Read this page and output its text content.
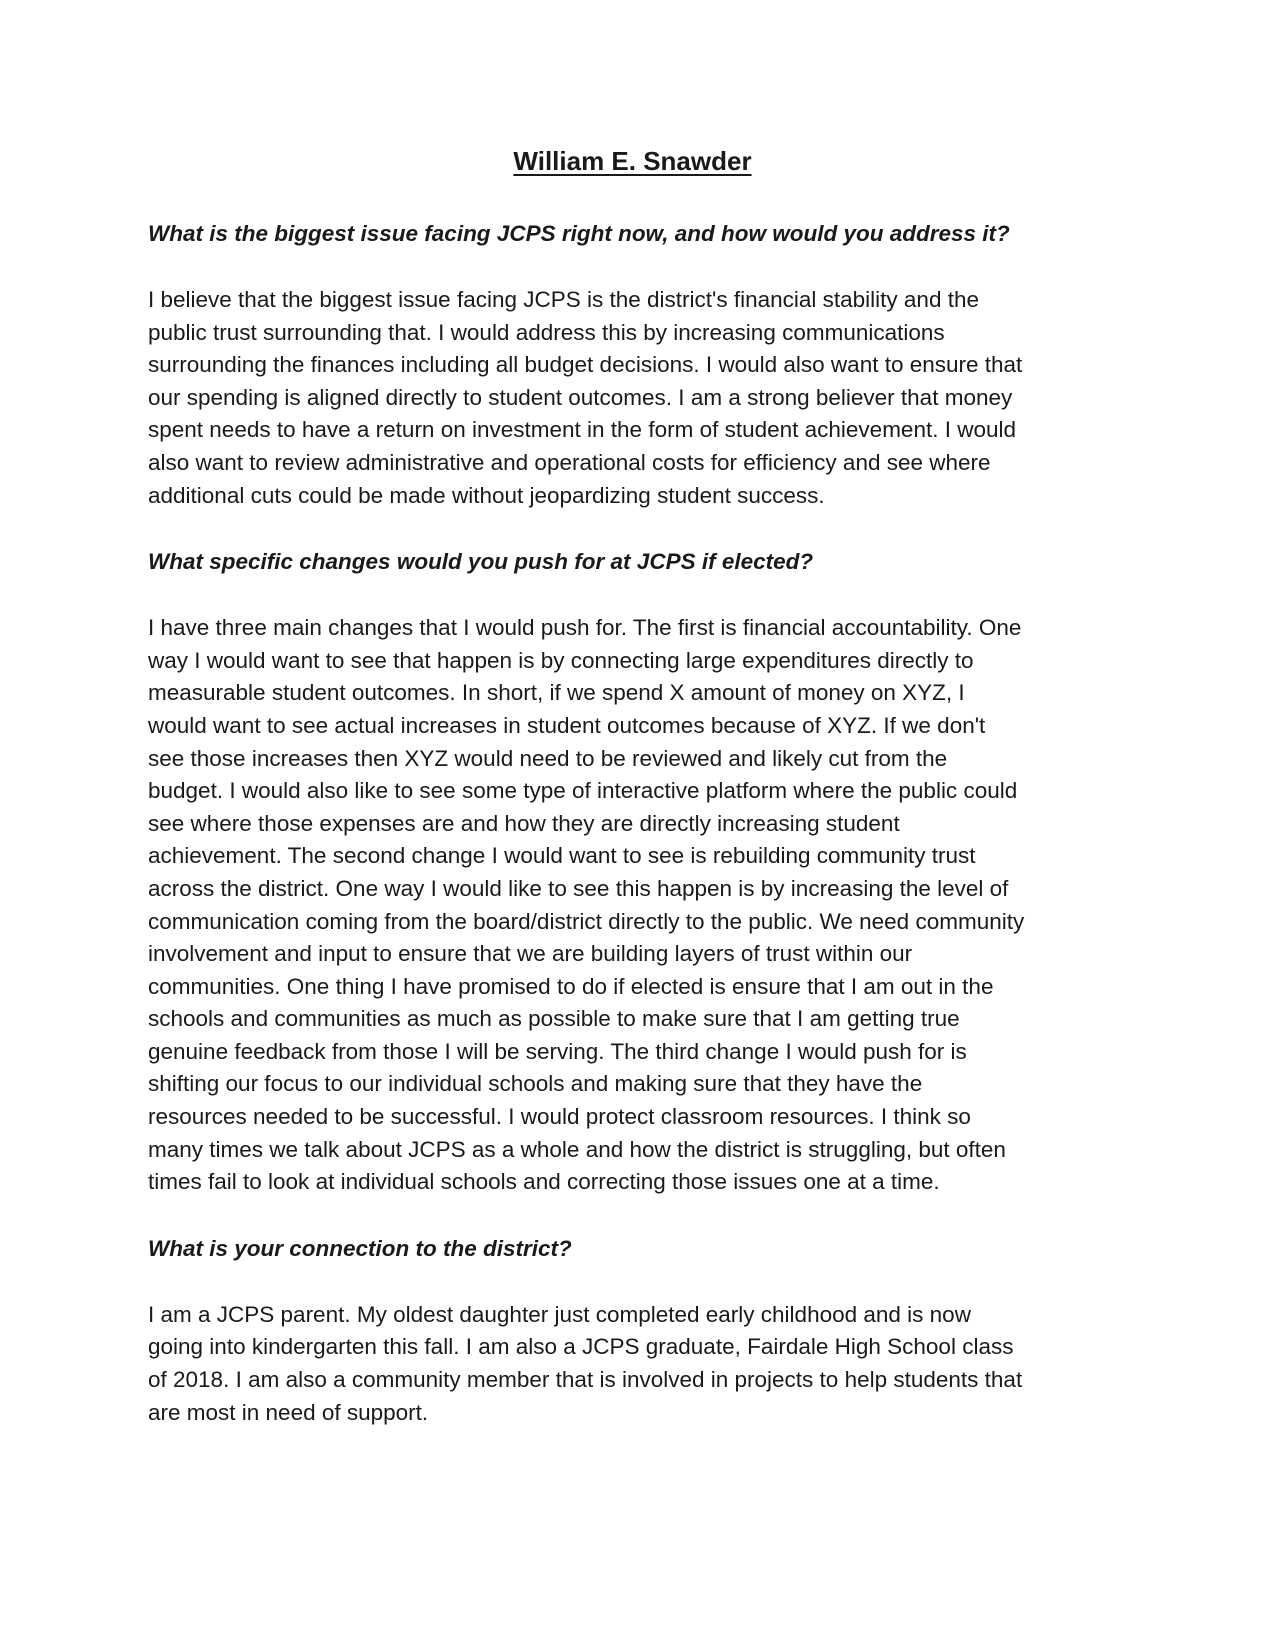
William E. Snawder

What is the biggest issue facing JCPS right now, and how would you address it?

I believe that the biggest issue facing JCPS is the district's financial stability and the
public trust surrounding that. I would address this by increasing communications
surrounding the finances including all budget decisions. I would also want to ensure that
our spending is aligned directly to student outcomes. I am a strong believer that money
spent needs to have a return on investment in the form of student achievement. I would
also want to review administrative and operational costs for efficiency and see where
additional cuts could be made without jeopardizing student success.

What specific changes would you push for at JCPS if elected?

I have three main changes that I would push for. The first is financial accountability. One
way I would want to see that happen is by connecting large expenditures directly to
measurable student outcomes. In short, if we spend X amount of money on XYZ, I
would want to see actual increases in student outcomes because of XYZ. If we don't
see those increases then XYZ would need to be reviewed and likely cut from the
budget. I would also like to see some type of interactive platform where the public could
see where those expenses are and how they are directly increasing student
achievement. The second change I would want to see is rebuilding community trust
across the district. One way I would like to see this happen is by increasing the level of
communication coming from the board/district directly to the public. We need community
involvement and input to ensure that we are building layers of trust within our
communities. One thing I have promised to do if elected is ensure that I am out in the
schools and communities as much as possible to make sure that I am getting true
genuine feedback from those I will be serving. The third change I would push for is
shifting our focus to our individual schools and making sure that they have the
resources needed to be successful. I would protect classroom resources. I think so
many times we talk about JCPS as a whole and how the district is struggling, but often
times fail to look at individual schools and correcting those issues one at a time.

What is your connection to the district?

I am a JCPS parent. My oldest daughter just completed early childhood and is now
going into kindergarten this fall. I am also a JCPS graduate, Fairdale High School class
of 2018. I am also a community member that is involved in projects to help students that
are most in need of support.
